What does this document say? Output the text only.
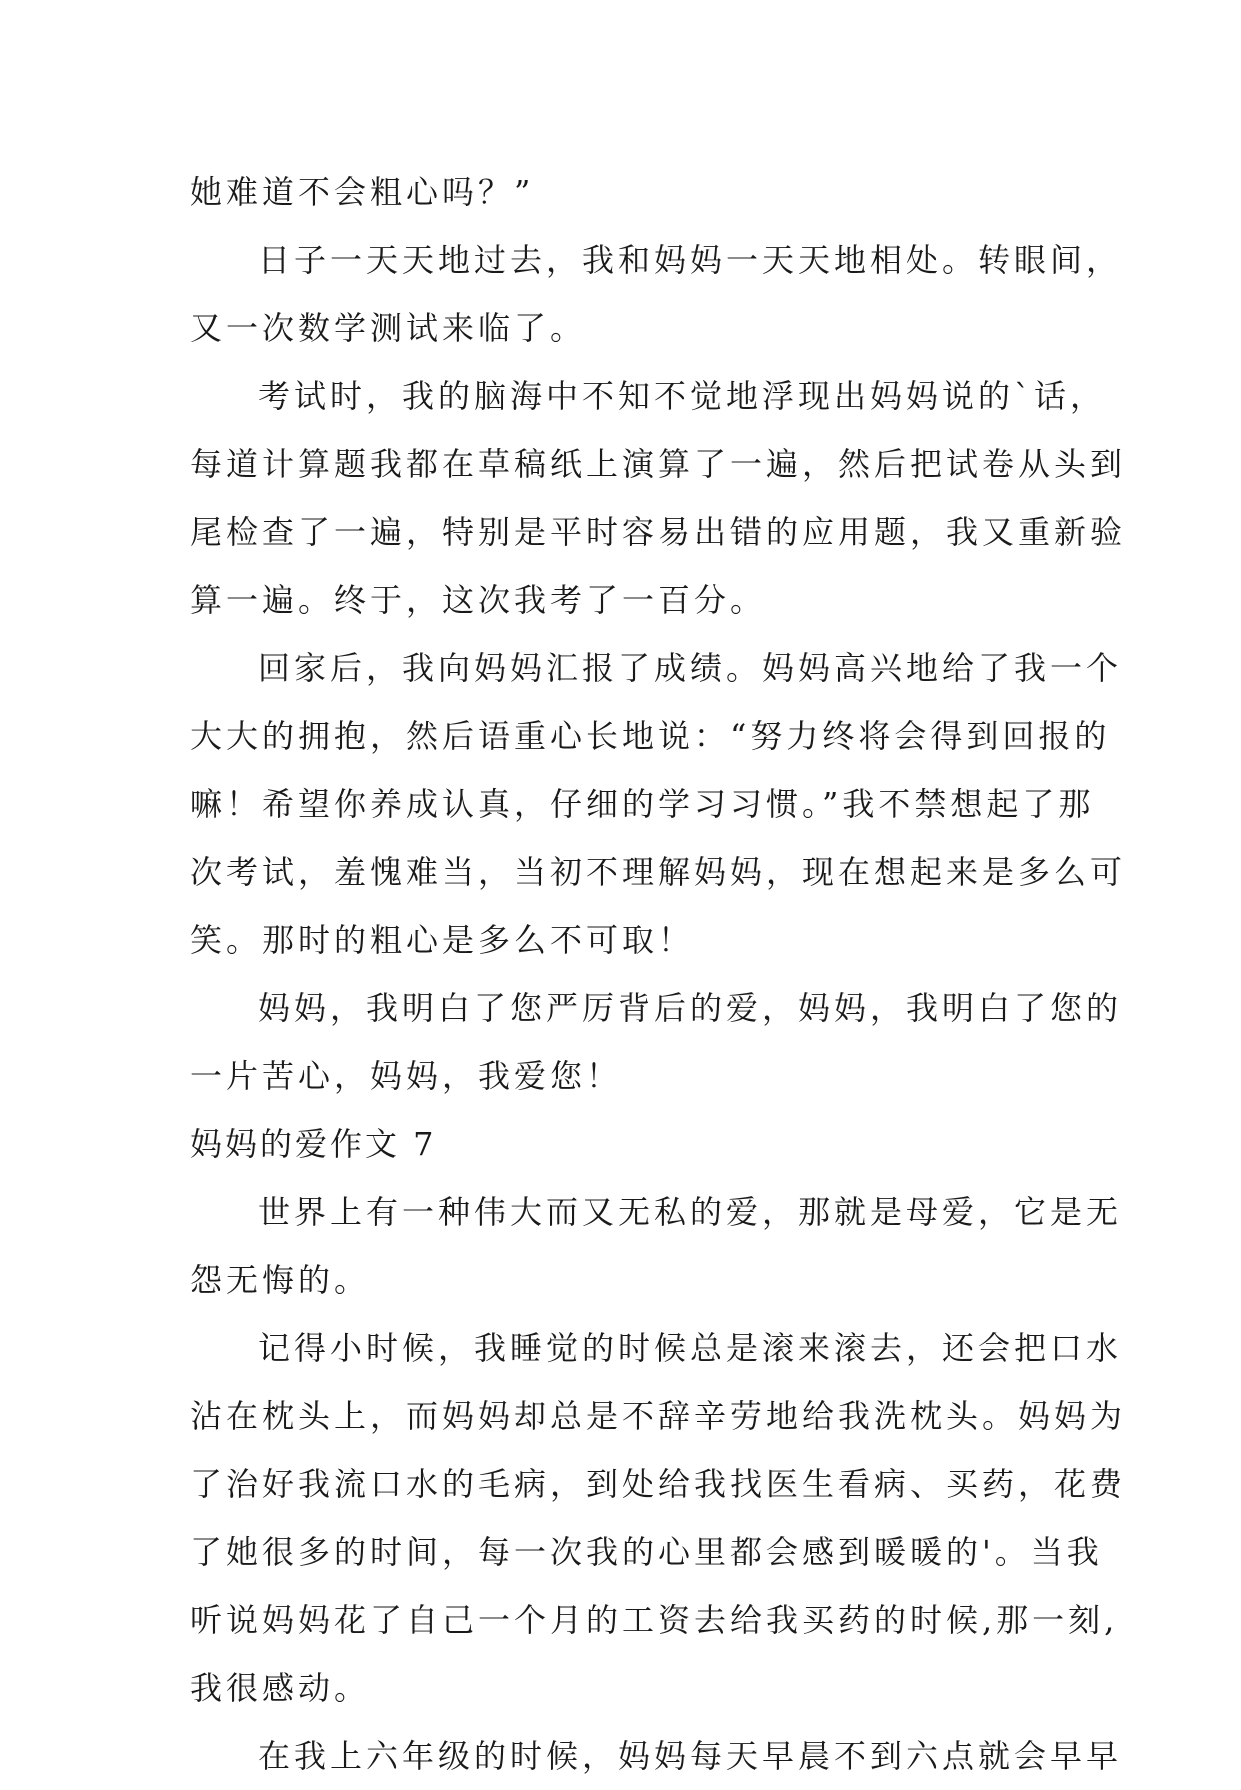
她难道不会粗心吗？”
日子一天天地过去，我和妈妈一天天地相处。转眼间，
又一次数学测试来临了。
考试时，我的脑海中不知不觉地浮现出妈妈说的`话，
每道计算题我都在草稿纸上演算了一遍，然后把试卷从头到
尾检查了一遍，特别是平时容易出错的应用题，我又重新验
算一遍。终于，这次我考了一百分。
回家后，我向妈妈汇报了成绩。妈妈高兴地给了我一个
大大的拥抱，然后语重心长地说：“努力终将会得到回报的
嘛！希望你养成认真，仔细的学习习惯。”我不禁想起了那
次考试，羞愧难当，当初不理解妈妈，现在想起来是多么可
笑。那时的粗心是多么不可取！
妈妈，我明白了您严厉背后的爱，妈妈，我明白了您的
一片苦心，妈妈，我爱您！
妈妈的爱作文 7
世界上有一种伟大而又无私的爱，那就是母爱，它是无
怨无悔的。
记得小时候，我睡觉的时候总是滚来滚去，还会把口水
沾在枕头上，而妈妈却总是不辞辛劳地给我洗枕头。妈妈为
了治好我流口水的毛病，到处给我找医生看病、买药，花费
了她很多的时间，每一次我的心里都会感到暖暖的'。当我
听说妈妈花了自己一个月的工资去给我买药的时候,那一刻,
我很感动。
在我上六年级的时候，妈妈每天早晨不到六点就会早早
